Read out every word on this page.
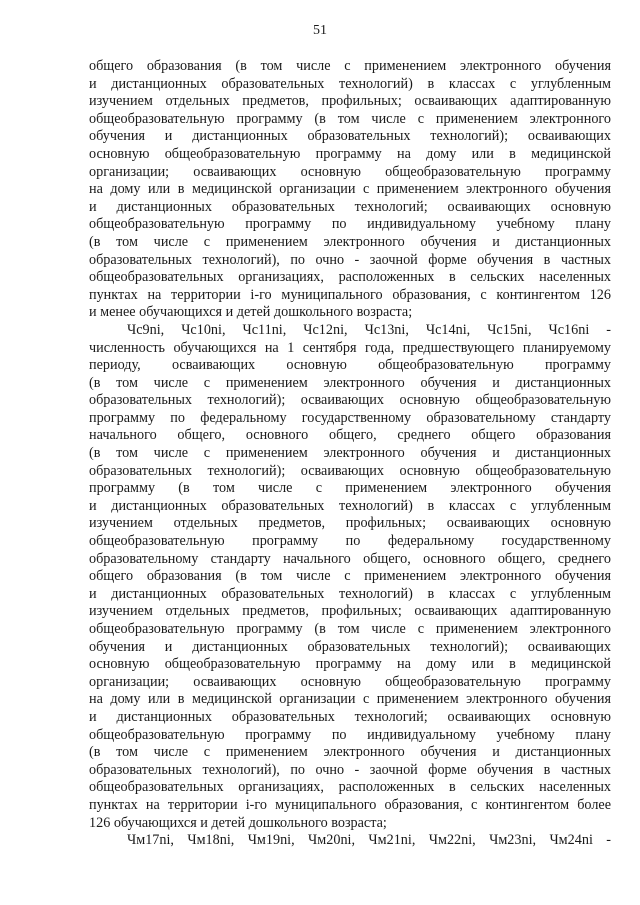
51
общего образования (в том числе с применением электронного обучения
и дистанционных образовательных технологий) в классах с углубленным
изучением отдельных предметов, профильных; осваивающих адаптированную
общеобразовательную программу (в том числе с применением электронного
обучения и дистанционных образовательных технологий); осваивающих
основную общеобразовательную программу на дому или в медицинской
организации; осваивающих основную общеобразовательную программу
на дому или в медицинской организации с применением электронного обучения
и дистанционных образовательных технологий; осваивающих основную
общеобразовательную программу по индивидуальному учебному плану
(в том числе с применением электронного обучения и дистанционных
образовательных технологий), по очно - заочной форме обучения в частных
общеобразовательных организациях, расположенных в сельских населенных
пунктах на территории i-го муниципального образования, с контингентом 126
и менее обучающихся и детей дошкольного возраста;
Чс9ni, Чс10ni, Чс11ni, Чс12ni, Чс13ni, Чс14ni, Чс15ni, Чс16ni -
численность обучающихся на 1 сентября года, предшествующего планируемому
периоду, осваивающих основную общеобразовательную программу
(в том числе с применением электронного обучения и дистанционных
образовательных технологий); осваивающих основную общеобразовательную
программу по федеральному государственному образовательному стандарту
начального общего, основного общего, среднего общего образования
(в том числе с применением электронного обучения и дистанционных
образовательных технологий); осваивающих основную общеобразовательную
программу (в том числе с применением электронного обучения
и дистанционных образовательных технологий) в классах с углубленным
изучением отдельных предметов, профильных; осваивающих основную
общеобразовательную программу по федеральному государственному
образовательному стандарту начального общего, основного общего, среднего
общего образования (в том числе с применением электронного обучения
и дистанционных образовательных технологий) в классах с углубленным
изучением отдельных предметов, профильных; осваивающих адаптированную
общеобразовательную программу (в том числе с применением электронного
обучения и дистанционных образовательных технологий); осваивающих
основную общеобразовательную программу на дому или в медицинской
организации; осваивающих основную общеобразовательную программу
на дому или в медицинской организации с применением электронного обучения
и дистанционных образовательных технологий; осваивающих основную
общеобразовательную программу по индивидуальному учебному плану
(в том числе с применением электронного обучения и дистанционных
образовательных технологий), по очно - заочной форме обучения в частных
общеобразовательных организациях, расположенных в сельских населенных
пунктах на территории i-го муниципального образования, с контингентом более
126 обучающихся и детей дошкольного возраста;
Чм17ni, Чм18ni, Чм19ni, Чм20ni, Чм21ni, Чм22ni, Чм23ni, Чм24ni -
